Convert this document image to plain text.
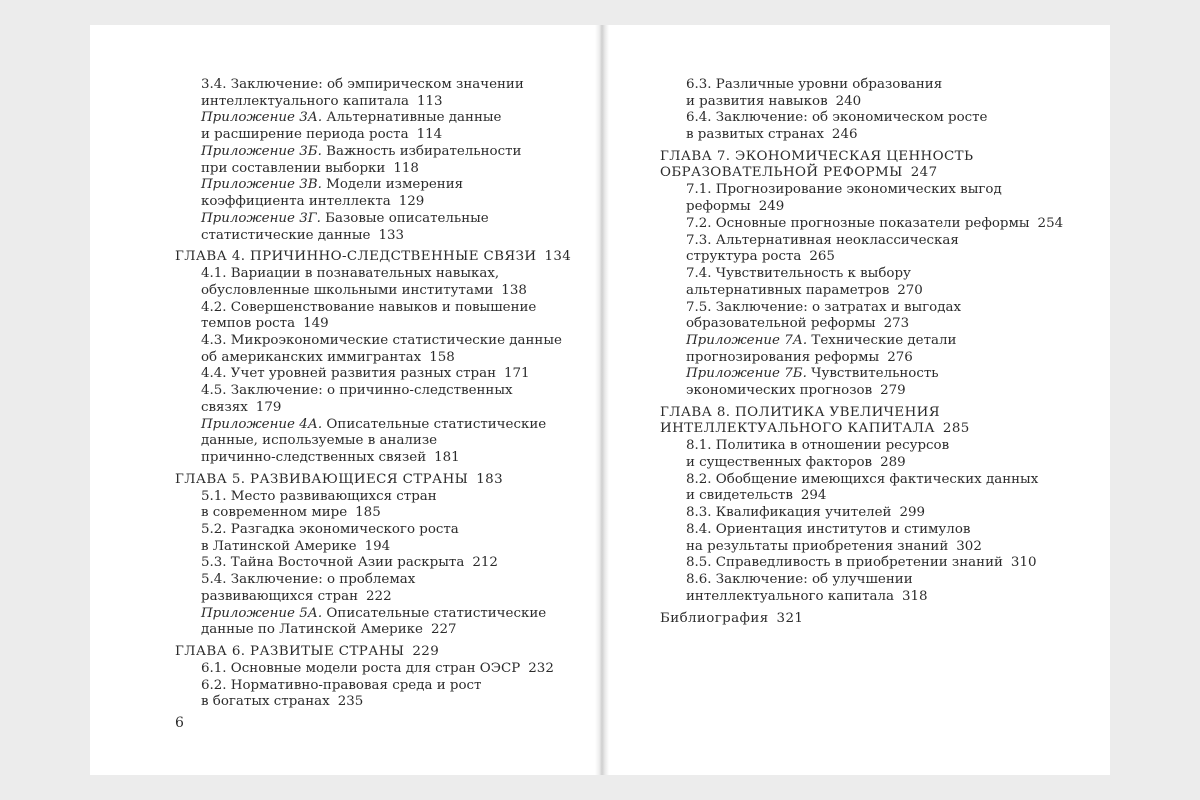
3.4. Заключение: об эмпирическом значении
интеллектуального капитала 113
Приложение 3А. Альтернативные данные
и расширение периода роста 114
Приложение 3Б. Важность избирательности
при составлении выборки 118
Приложение 3В. Модели измерения
коэффициента интеллекта 129
Приложение 3Г. Базовые описательные
статистические данные 133
ГЛАВА 4. ПРИЧИННО-СЛЕДСТВЕННЫЕ СВЯЗИ 134
4.1. Вариации в познавательных навыках,
обусловленные школьными институтами 138
4.2. Совершенствование навыков и повышение
темпов роста 149
4.3. Микроэкономические статистические данные
об американских иммигрантах 158
4.4. Учет уровней развития разных стран 171
4.5. Заключение: о причинно-следственных
связях 179
Приложение 4А. Описательные статистические
данные, используемые в анализе
причинно-следственных связей 181
ГЛАВА 5. РАЗВИВАЮЩИЕСЯ СТРАНЫ 183
5.1. Место развивающихся стран
в современном мире 185
5.2. Разгадка экономического роста
в Латинской Америке 194
5.3. Тайна Восточной Азии раскрыта 212
5.4. Заключение: о проблемах
развивающихся стран 222
Приложение 5А. Описательные статистические
данные по Латинской Америке 227
ГЛАВА 6. РАЗВИТЫЕ СТРАНЫ 229
6.1. Основные модели роста для стран ОЭСР 232
6.2. Нормативно-правовая среда и рост
в богатых странах 235
6.3. Различные уровни образования
и развития навыков 240
6.4. Заключение: об экономическом росте
в развитых странах 246
ГЛАВА 7. ЭКОНОМИЧЕСКАЯ ЦЕННОСТЬ
ОБРАЗОВАТЕЛЬНОЙ РЕФОРМЫ 247
7.1. Прогнозирование экономических выгод
реформы 249
7.2. Основные прогнозные показатели реформы 254
7.3. Альтернативная неоклассическая
структура роста 265
7.4. Чувствительность к выбору
альтернативных параметров 270
7.5. Заключение: о затратах и выгодах
образовательной реформы 273
Приложение 7А. Технические детали
прогнозирования реформы 276
Приложение 7Б. Чувствительность
экономических прогнозов 279
ГЛАВА 8. ПОЛИТИКА УВЕЛИЧЕНИЯ
ИНТЕЛЛЕКТУАЛЬНОГО КАПИТАЛА 285
8.1. Политика в отношении ресурсов
и существенных факторов 289
8.2. Обобщение имеющихся фактических данных
и свидетельств 294
8.3. Квалификация учителей 299
8.4. Ориентация институтов и стимулов
на результаты приобретения знаний 302
8.5. Справедливость в приобретении знаний 310
8.6. Заключение: об улучшении
интеллектуального капитала 318
Библиография 321
6
